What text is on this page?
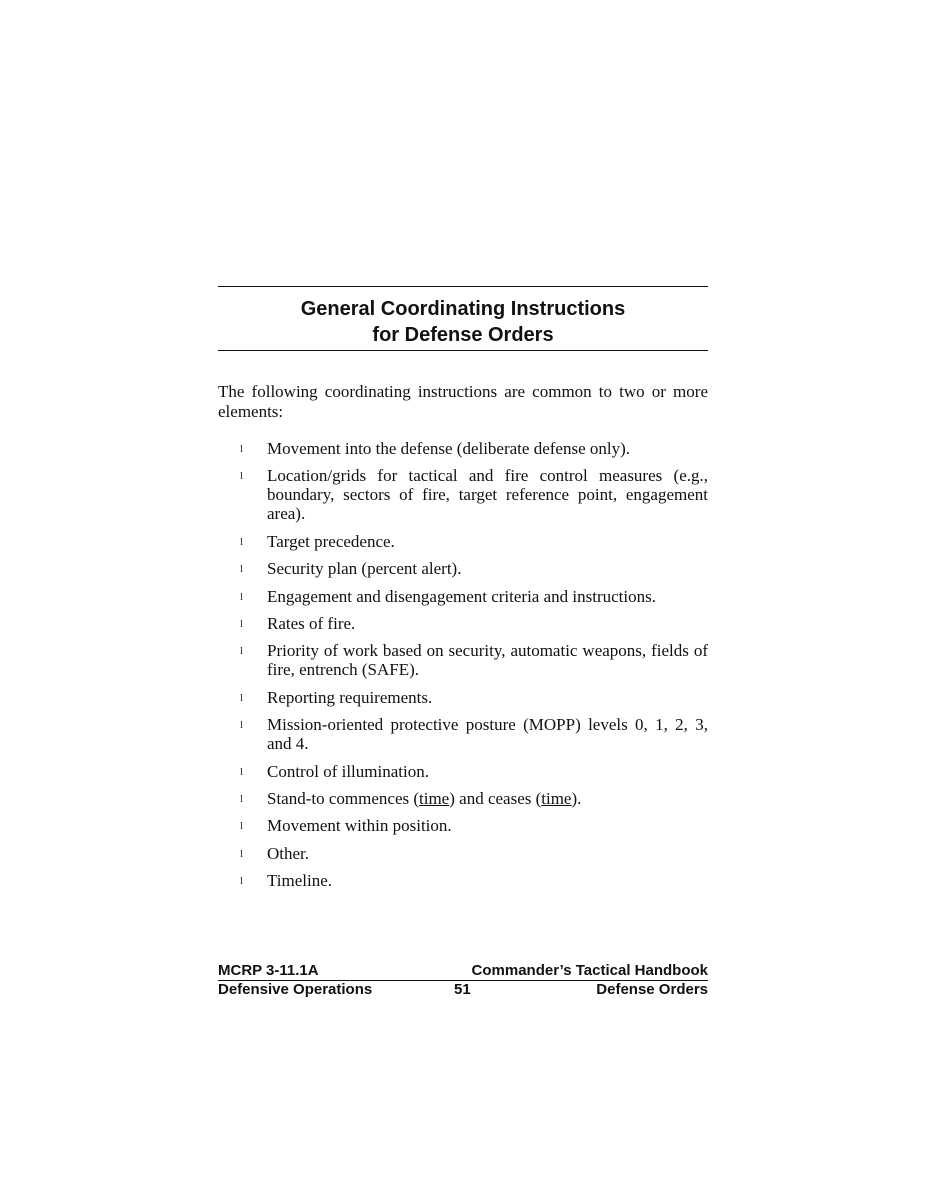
General Coordinating Instructions
for Defense Orders

The following coordinating instructions are common to two or more elements:

l Movement into the defense (deliberate defense only).
l Location/grids for tactical and fire control measures (e.g., boundary, sectors of fire, target reference point, engagement area).
l Target precedence.
l Security plan (percent alert).
l Engagement and disengagement criteria and instructions.
l Rates of fire.
l Priority of work based on security, automatic weapons, fields of fire, entrench (SAFE).
l Reporting requirements.
l Mission-oriented protective posture (MOPP) levels 0, 1, 2, 3, and 4.
l Control of illumination.
l Stand-to commences (time) and ceases (time).
l Movement within position.
l Other.
l Timeline.
MCRP 3-11.1A	Commander’s Tactical Handbook
Defensive Operations	51	Defense Orders
